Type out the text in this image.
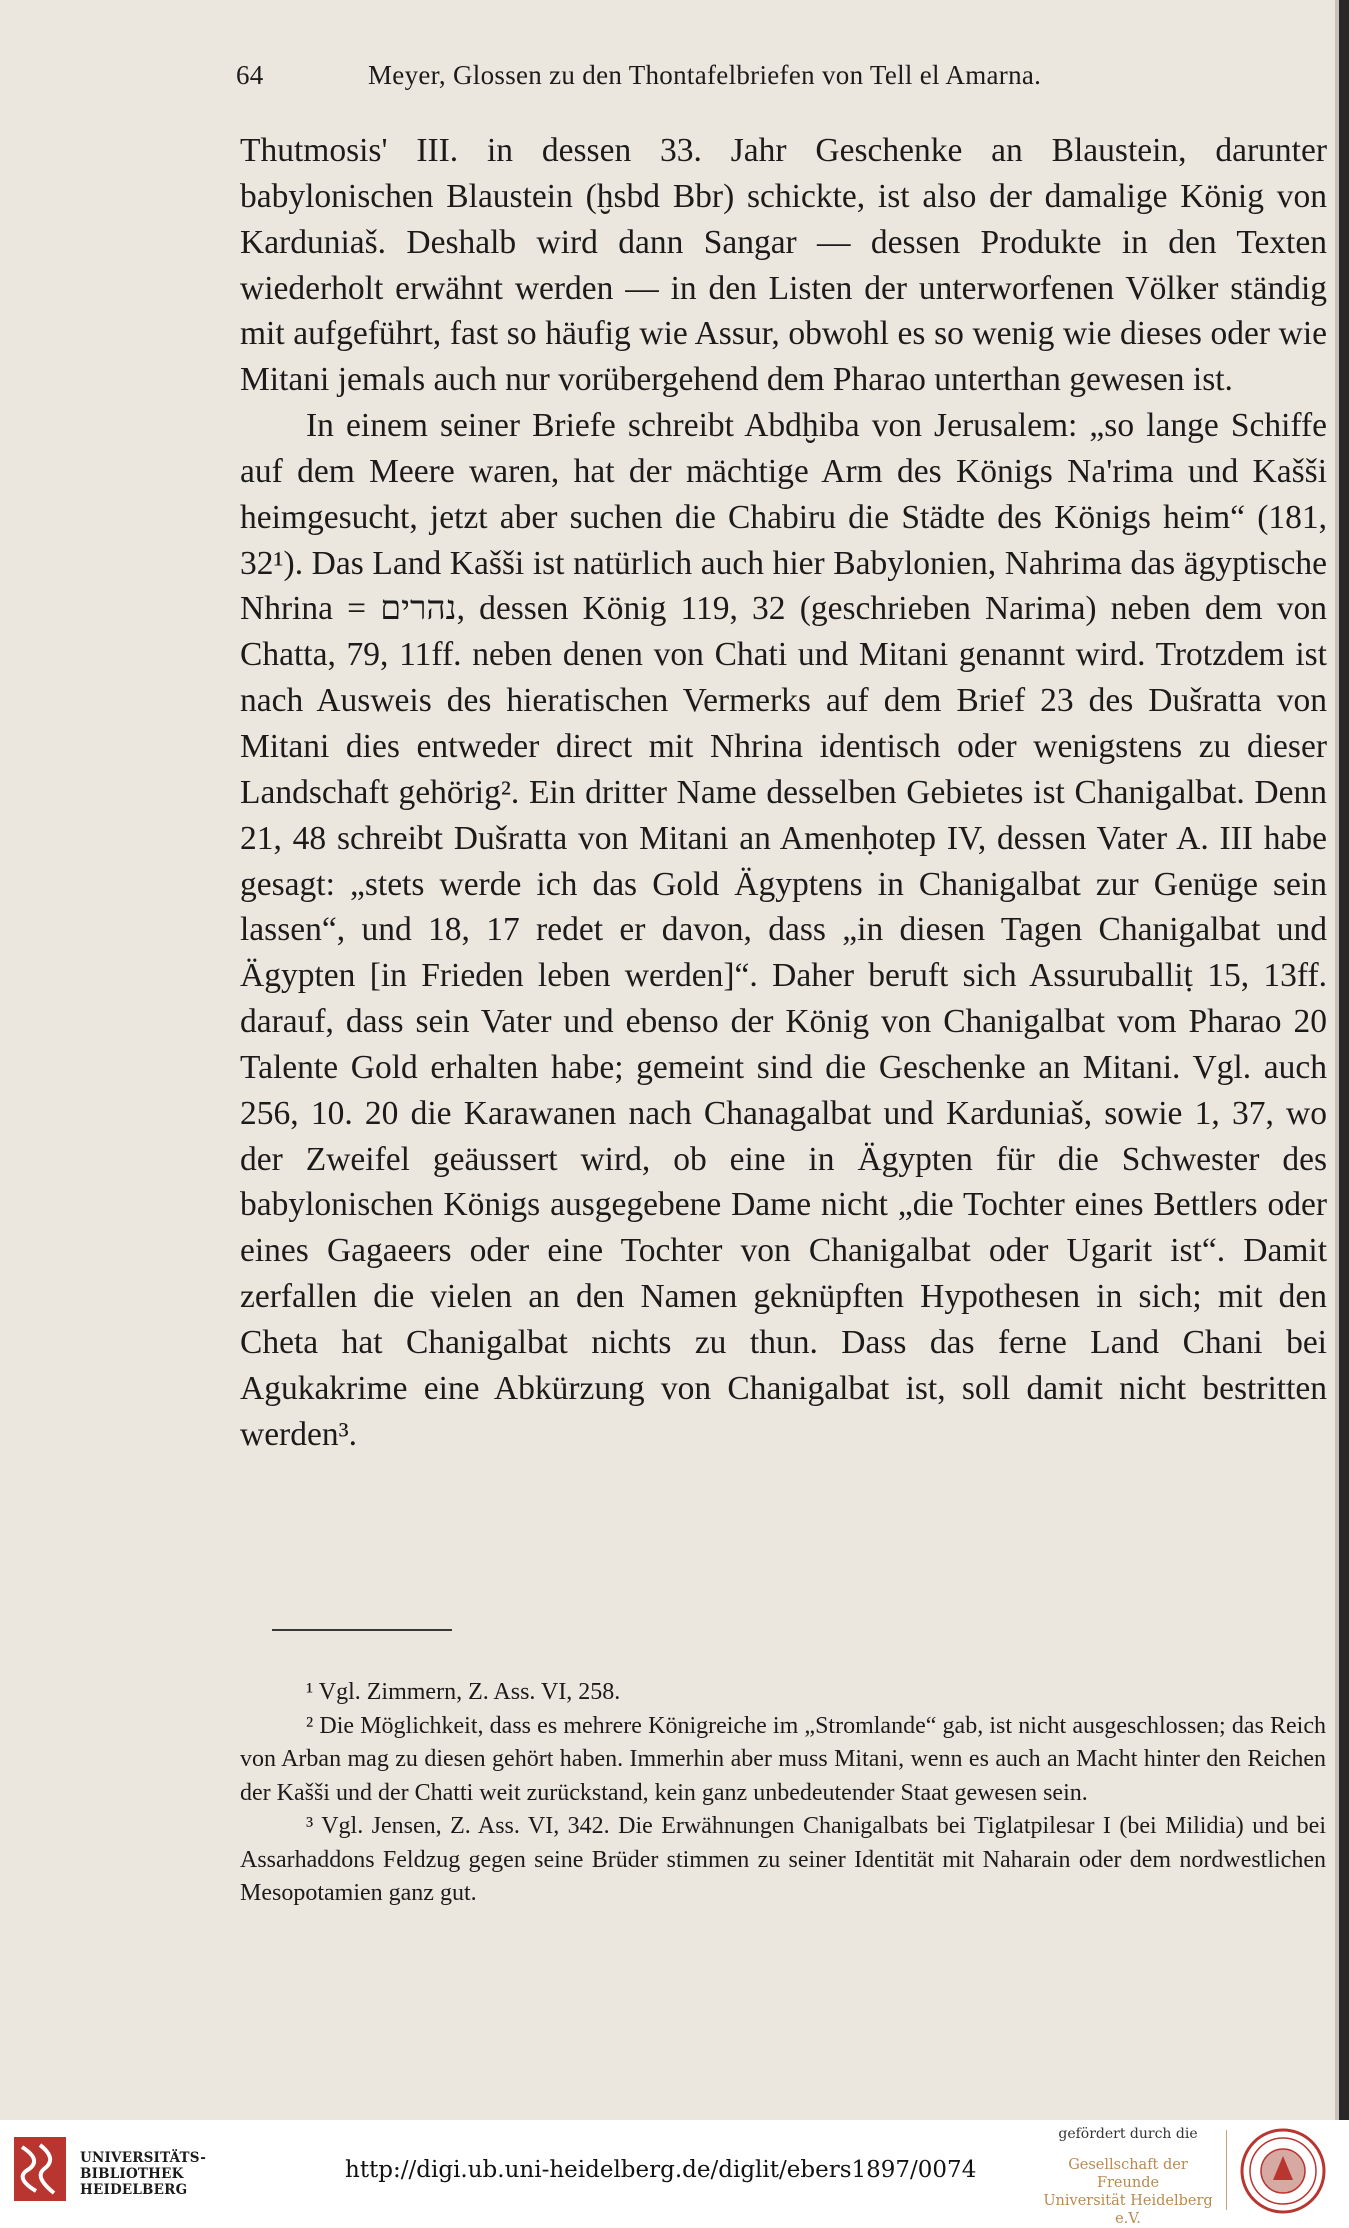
64	Meyer, Glossen zu den Thontafelbriefen von Tell el Amarna.

Thutmosis' III. in dessen 33. Jahr Geschenke an Blaustein, darunter babylonischen Blaustein (ḫsbd Bbr) schickte, ist also der damalige König von Karduniaš. Deshalb wird dann Sangar — dessen Produkte in den Texten wiederholt erwähnt werden — in den Listen der unterworfenen Völker ständig mit aufgeführt, fast so häufig wie Assur, obwohl es so wenig wie dieses oder wie Mitani jemals auch nur vorübergehend dem Pharao unterthan gewesen ist.

In einem seiner Briefe schreibt Abdḫiba von Jerusalem: „so lange Schiffe auf dem Meere waren, hat der mächtige Arm des Königs Na'rima und Kašši heimgesucht, jetzt aber suchen die Chabiru die Städte des Königs heim“ (181, 32¹). Das Land Kašši ist natürlich auch hier Babylonien, Nahrima das ägyptische Nhrina = נהרים, dessen König 119, 32 (geschrieben Narima) neben dem von Chatta, 79, 11ff. neben denen von Chati und Mitani genannt wird. Trotzdem ist nach Ausweis des hieratischen Vermerks auf dem Brief 23 des Dušratta von Mitani dies entweder direct mit Nhrina identisch oder wenigstens zu dieser Landschaft gehörig². Ein dritter Name desselben Gebietes ist Chanigalbat. Denn 21, 48 schreibt Dušratta von Mitani an Amenḥotep IV, dessen Vater A. III habe gesagt: „stets werde ich das Gold Ägyptens in Chanigalbat zur Genüge sein lassen“, und 18, 17 redet er davon, dass „in diesen Tagen Chanigalbat und Ägypten [in Frieden leben werden]“. Daher beruft sich Assuruballiṭ 15, 13ff. darauf, dass sein Vater und ebenso der König von Chanigalbat vom Pharao 20 Talente Gold erhalten habe; gemeint sind die Geschenke an Mitani. Vgl. auch 256, 10. 20 die Karawanen nach Chanagalbat und Karduniaš, sowie 1, 37, wo der Zweifel geäussert wird, ob eine in Ägypten für die Schwester des babylonischen Königs ausgegebene Dame nicht „die Tochter eines Bettlers oder eines Gagaeers oder eine Tochter von Chanigalbat oder Ugarit ist“. Damit zerfallen die vielen an den Namen geknüpften Hypothesen in sich; mit den Cheta hat Chanigalbat nichts zu thun. Dass das ferne Land Chani bei Agukakrime eine Abkürzung von Chanigalbat ist, soll damit nicht bestritten werden³.

¹ Vgl. Zimmern, Z. Ass. VI, 258.

² Die Möglichkeit, dass es mehrere Königreiche im „Stromlande“ gab, ist nicht ausgeschlossen; das Reich von Arban mag zu diesen gehört haben. Immerhin aber muss Mitani, wenn es auch an Macht hinter den Reichen der Kašši und der Chatti weit zurückstand, kein ganz unbedeutender Staat gewesen sein.

³ Vgl. Jensen, Z. Ass. VI, 342. Die Erwähnungen Chanigalbats bei Tiglatpilesar I (bei Milidia) und bei Assarhaddons Feldzug gegen seine Brüder stimmen zu seiner Identität mit Naharain oder dem nordwestlichen Mesopotamien ganz gut.

UNIVERSITÄTS-
BIBLIOTHEK
HEIDELBERG
http://digi.ub.uni-heidelberg.de/diglit/ebers1897/0074
gefördert durch die
Gesellschaft der Freunde
Universität Heidelberg e.V.
